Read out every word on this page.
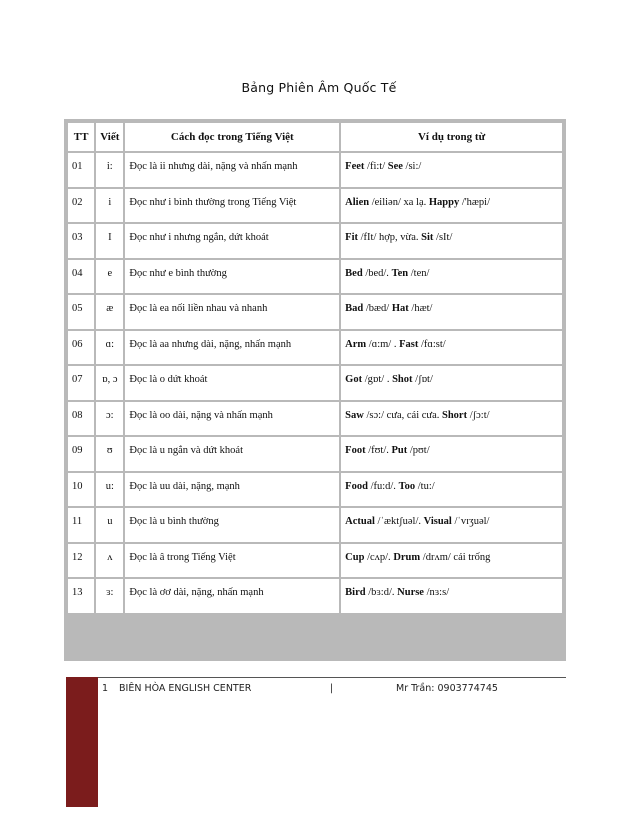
Bảng Phiên Âm Quốc Tế
TT	Viết	Cách đọc trong Tiếng Việt	Ví dụ trong từ
01	i:	Đọc là ii nhưng dài, nặng và nhấn mạnh	Feet /fi:t/ See /si:/
02	i	Đọc như i bình thường trong Tiếng Việt	Alien /eiliən/ xa lạ. Happy /'hæpi/
03	I	Đọc như i nhưng ngắn, dứt khoát	Fit /fIt/ hợp, vừa. Sit /sIt/
04	e	Đọc như e bình thường	Bed /bed/. Ten /ten/
05	æ	Đọc là ea nối liền nhau và nhanh	Bad /bæd/ Hat /hæt/
06	ɑ:	Đọc là aa nhưng dài, nặng, nhấn mạnh	Arm /ɑ:m/ . Fast /fɑ:st/
07	ɒ, ɔ	Đọc là o dứt khoát	Got /gɒt/ . Shot /ʃɒt/
08	ɔ:	Đọc là oo dài, nặng và nhấn mạnh	Saw /sɔ:/ cưa, cái cưa. Short /ʃɔ:t/
09	ʊ	Đọc là u ngắn và dứt khoát	Foot /fʊt/. Put /pʊt/
10	u:	Đọc là uu dài, nặng, mạnh	Food /fu:d/. Too /tu:/
11	u	Đọc là u bình thường	Actual /ˈæktʃuəl/. Visual /ˈvɪʒuəl/
12	ʌ	Đọc là â trong Tiếng Việt	Cup /cʌp/. Drum /drʌm/ cái trống
13	ɜ:	Đọc là ơơ dài, nặng, nhấn mạnh	Bird /bɜ:d/. Nurse /nɜ:s/
1 BIÊN HÒA ENGLISH CENTER	|	Mr Trần: 0903774745
